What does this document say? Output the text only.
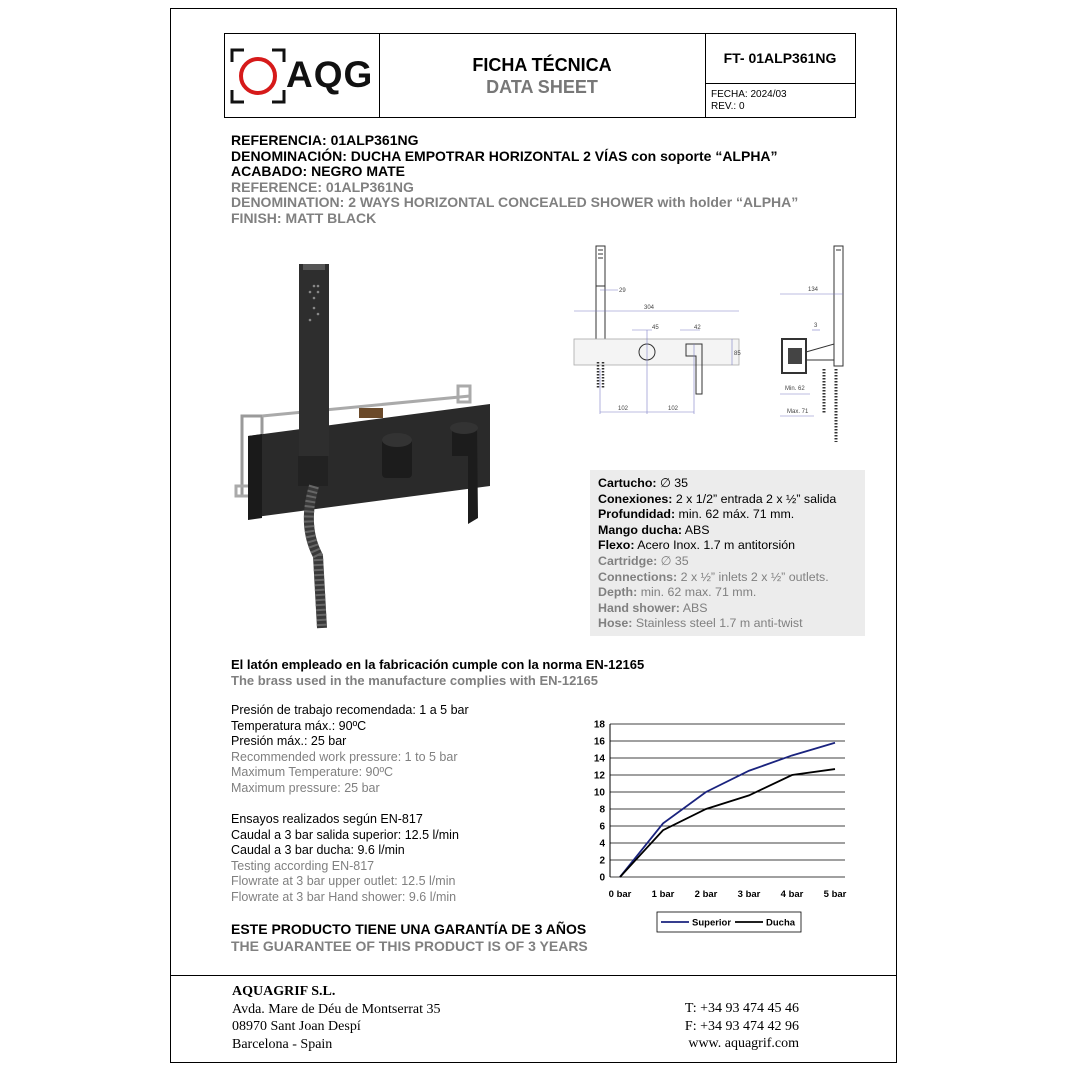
AQG	FICHA TÉCNICA
DATA SHEET
FT- 01ALP361NG
FECHA: 2024/03
REV.: 0
REFERENCIA: 01ALP361NG
DENOMINACIÓN: DUCHA EMPOTRAR HORIZONTAL 2 VÍAS con soporte “ALPHA”
ACABADO: NEGRO MATE
REFERENCE: 01ALP361NG
DENOMINATION: 2 WAYS HORIZONTAL CONCEALED SHOWER with holder “ALPHA”
FINISH: MATT BLACK
29
304
45	42
85
102	102
134
3
Min. 62
Max. 71
Cartucho: ∅ 35
Conexiones: 2 x 1/2” entrada 2 x ½” salida
Profundidad: min. 62 máx. 71 mm.
Mango ducha: ABS
Flexo: Acero Inox. 1.7 m antitorsión
Cartridge: ∅ 35
Connections: 2 x ½” inlets 2 x ½” outlets.
Depth: min. 62 max. 71 mm.
Hand shower: ABS
Hose: Stainless steel 1.7 m anti-twist
El latón empleado en la fabricación cumple con la norma EN-12165
The brass used in the manufacture complies with EN-12165
Presión de trabajo recomendada: 1 a 5 bar
Temperatura máx.: 90ºC
Presión máx.: 25 bar
Recommended work pressure: 1 to 5 bar
Maximum Temperature: 90ºC
Maximum pressure: 25 bar
Ensayos realizados según EN-817
Caudal a 3 bar salida superior: 12.5 l/min
Caudal a 3 bar ducha: 9.6 l/min
Testing according EN-817
Flowrate at 3 bar upper outlet: 12.5 l/min
Flowrate at 3 bar Hand shower: 9.6 l/min
ESTE PRODUCTO TIENE UNA GARANTÍA DE 3 AÑOS
THE GUARANTEE OF THIS PRODUCT IS OF 3 YEARS
0
2
4
6
8
10
12
14
16
18
0 bar 1 bar 2 bar 3 bar 4 bar 5 bar
Superior	Ducha
AQUAGRIF S.L.
Avda. Mare de Déu de Montserrat 35
08970 Sant Joan Despí
Barcelona - Spain
T: +34 93 474 45 46
F: +34 93 474 42 96
www. aquagrif.com
